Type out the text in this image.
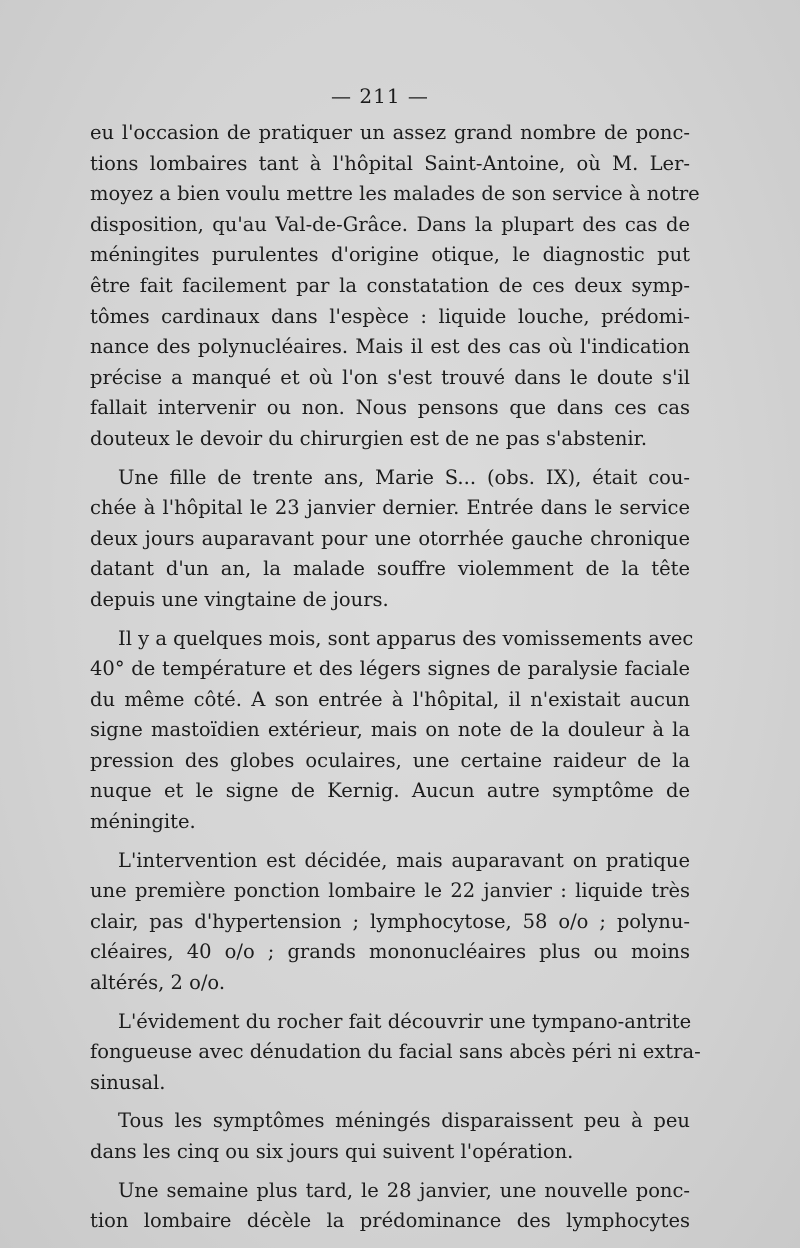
— 211 —
eu l'occasion de pratiquer un assez grand nombre de ponc-
tions lombaires tant à l'hôpital Saint-Antoine, où M. Ler-
moyez a bien voulu mettre les malades de son service à notre
disposition, qu'au Val-de-Grâce. Dans la plupart des cas de
méningites purulentes d'origine otique, le diagnostic put
être fait facilement par la constatation de ces deux symp-
tômes cardinaux dans l'espèce : liquide louche, prédomi-
nance des polynucléaires. Mais il est des cas où l'indication
précise a manqué et où l'on s'est trouvé dans le doute s'il
fallait intervenir ou non. Nous pensons que dans ces cas
douteux le devoir du chirurgien est de ne pas s'abstenir.
Une fille de trente ans, Marie S... (obs. IX), était cou-
chée à l'hôpital le 23 janvier dernier. Entrée dans le service
deux jours auparavant pour une otorrhée gauche chronique
datant d'un an, la malade souffre violemment de la tête
depuis une vingtaine de jours.
Il y a quelques mois, sont apparus des vomissements avec
40° de température et des légers signes de paralysie faciale
du même côté. A son entrée à l'hôpital, il n'existait aucun
signe mastoïdien extérieur, mais on note de la douleur à la
pression des globes oculaires, une certaine raideur de la
nuque et le signe de Kernig. Aucun autre symptôme de
méningite.
L'intervention est décidée, mais auparavant on pratique
une première ponction lombaire le 22 janvier : liquide très
clair, pas d'hypertension ; lymphocytose, 58 o/o ; polynu-
cléaires, 40 o/o ; grands mononucléaires plus ou moins
altérés, 2 o/o.
L'évidement du rocher fait découvrir une tympano-antrite
fongueuse avec dénudation du facial sans abcès péri ni extra-
sinusal.
Tous les symptômes méningés disparaissent peu à peu
dans les cinq ou six jours qui suivent l'opération.
Une semaine plus tard, le 28 janvier, une nouvelle ponc-
tion lombaire décèle la prédominance des lymphocytes
